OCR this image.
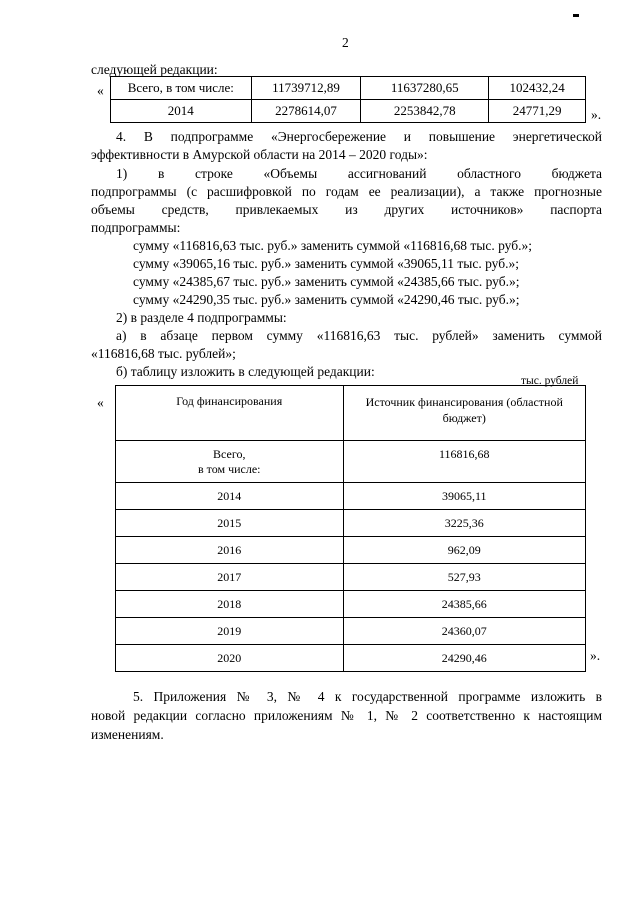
2
следующей редакции:
« Всего, в том числе:	11739712,89	11637280,65	102432,24
2014	2278614,07	2253842,78	24771,29 ».
4. В подпрограмме «Энергосбережение и повышение энергетической
эффективности в Амурской области на 2014 – 2020 годы»:
1) в строке «Объемы ассигнований областного бюджета
подпрограммы (с расшифровкой по годам ее реализации), а также прогнозные
объемы средств, привлекаемых из других источников» паспорта
подпрограммы:
сумму «116816,63 тыс. руб.» заменить суммой «116816,68 тыс. руб.»;
сумму «39065,16 тыс. руб.» заменить суммой «39065,11 тыс. руб.»;
сумму «24385,67 тыс. руб.» заменить суммой «24385,66 тыс. руб.»;
сумму «24290,35 тыс. руб.» заменить суммой «24290,46 тыс. руб.»;
2) в разделе 4 подпрограммы:
а) в абзаце первом сумму «116816,63 тыс. рублей» заменить суммой
«116816,68 тыс. рублей»;
б) таблицу изложить в следующей редакции:
тыс. рублей
«	Год финансирования	Источник финансирования (областной бюджет)

Всего,
в том числе:	116816,68
2014	39065,11
2015	3225,36
2016	962,09
2017	527,93
2018	24385,66
2019	24360,07
2020	24290,46	».
5. Приложения № 3, № 4 к государственной программе изложить в
новой редакции согласно приложениям № 1, № 2 соответственно к настоящим
изменениям.
